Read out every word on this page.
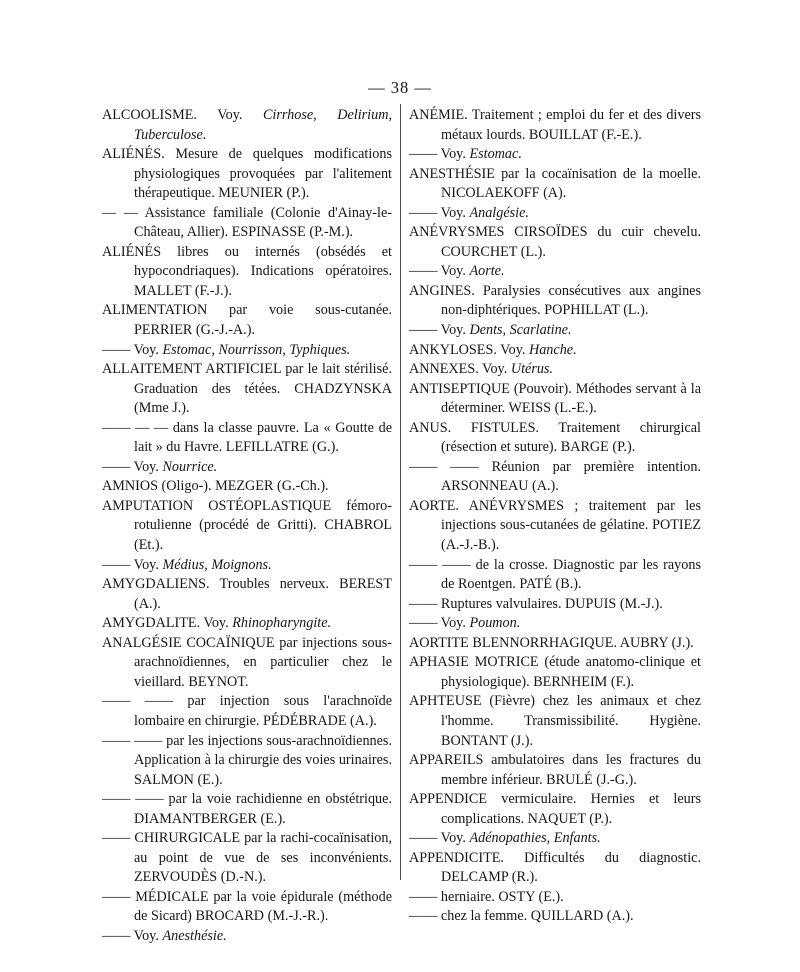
— 38 —

ALCOOLISME. Voy. Cirrhose, Delirium, Tuberculose.

ALIÉNÉS. Mesure de quelques modifications physiologiques provoquées par l'alitement thérapeutique. MEUNIER (P.).

— — Assistance familiale (Colonie d'Ainay-le-Château, Allier). ESPINASSE (P.-M.).

ALIÉNÉS libres ou internés (obsédés et hypocondriaques). Indications opératoires. MALLET (F.-J.).

ALIMENTATION par voie sous-cutanée. PERRIER (G.-J.-A.).

—— Voy. Estomac, Nourrisson, Typhiques.

ALLAITEMENT ARTIFICIEL par le lait stérilisé. Graduation des tétées. CHADZYNSKA (Mme J.).

—— — — dans la classe pauvre. La « Goutte de lait » du Havre. LEFILLATRE (G.).

—— Voy. Nourrice.

AMNIOS (Oligo-). MEZGER (G.-Ch.).

AMPUTATION OSTÉOPLASTIQUE fémoro-rotulienne (procédé de Gritti). CHABROL (Et.).

—— Voy. Médius, Moignons.

AMYGDALIENS. Troubles nerveux. BEREST (A.).

AMYGDALITE. Voy. Rhinopharyngite.

ANALGÉSIE COCAÏNIQUE par injections sous-arachnoïdiennes, en particulier chez le vieillard. BEYNOT.

—— —— par injection sous l'arachnoïde lombaire en chirurgie. PÉDÉBRADE (A.).

—— —— par les injections sous-arachnoïdiennes. Application à la chirurgie des voies urinaires. SALMON (E.).

—— —— par la voie rachidienne en obstétrique. DIAMANTBERGER (E.).

—— CHIRURGICALE par la rachi-cocaïnisation, au point de vue de ses inconvénients. ZERVOUDÈS (D.-N.).

—— MÉDICALE par la voie épidurale (méthode de Sicard) BROCARD (M.-J.-R.).

—— Voy. Anesthésie.

ANÉMIE. Traitement ; emploi du fer et des divers métaux lourds. BOUILLAT (F.-E.).

—— Voy. Estomac.

ANESTHÉSIE par la cocaïnisation de la moelle. NICOLAEKOFF (A).

—— Voy. Analgésie.

ANÉVRYSMES CIRSOÏDES du cuir chevelu. COURCHET (L.).

—— Voy. Aorte.

ANGINES. Paralysies consécutives aux angines non-diphtériques. POPHILLAT (L.).

—— Voy. Dents, Scarlatine.

ANKYLOSES. Voy. Hanche.

ANNEXES. Voy. Utérus.

ANTISEPTIQUE (Pouvoir). Méthodes servant à la déterminer. WEISS (L.-E.).

ANUS. FISTULES. Traitement chirurgical (résection et suture). BARGE (P.).

—— —— Réunion par première intention. ARSONNEAU (A.).

AORTE. ANÉVRYSMES ; traitement par les injections sous-cutanées de gélatine. POTIEZ (A.-J.-B.).

—— —— de la crosse. Diagnostic par les rayons de Roentgen. PATÉ (B.).

—— Ruptures valvulaires. DUPUIS (M.-J.).

—— Voy. Poumon.

AORTITE BLENNORRHAGIQUE. AUBRY (J.).

APHASIE MOTRICE (étude anatomo-clinique et physiologique). BERNHEIM (F.).

APHTEUSE (Fièvre) chez les animaux et chez l'homme. Transmissibilité. Hygiène. BONTANT (J.).

APPAREILS ambulatoires dans les fractures du membre inférieur. BRULÉ (J.-G.).

APPENDICE vermiculaire. Hernies et leurs complications. NAQUET (P.).

—— Voy. Adénopathies, Enfants.

APPENDICITE. Difficultés du diagnostic. DELCAMP (R.).

—— herniaire. OSTY (E.).

—— chez la femme. QUILLARD (A.).
